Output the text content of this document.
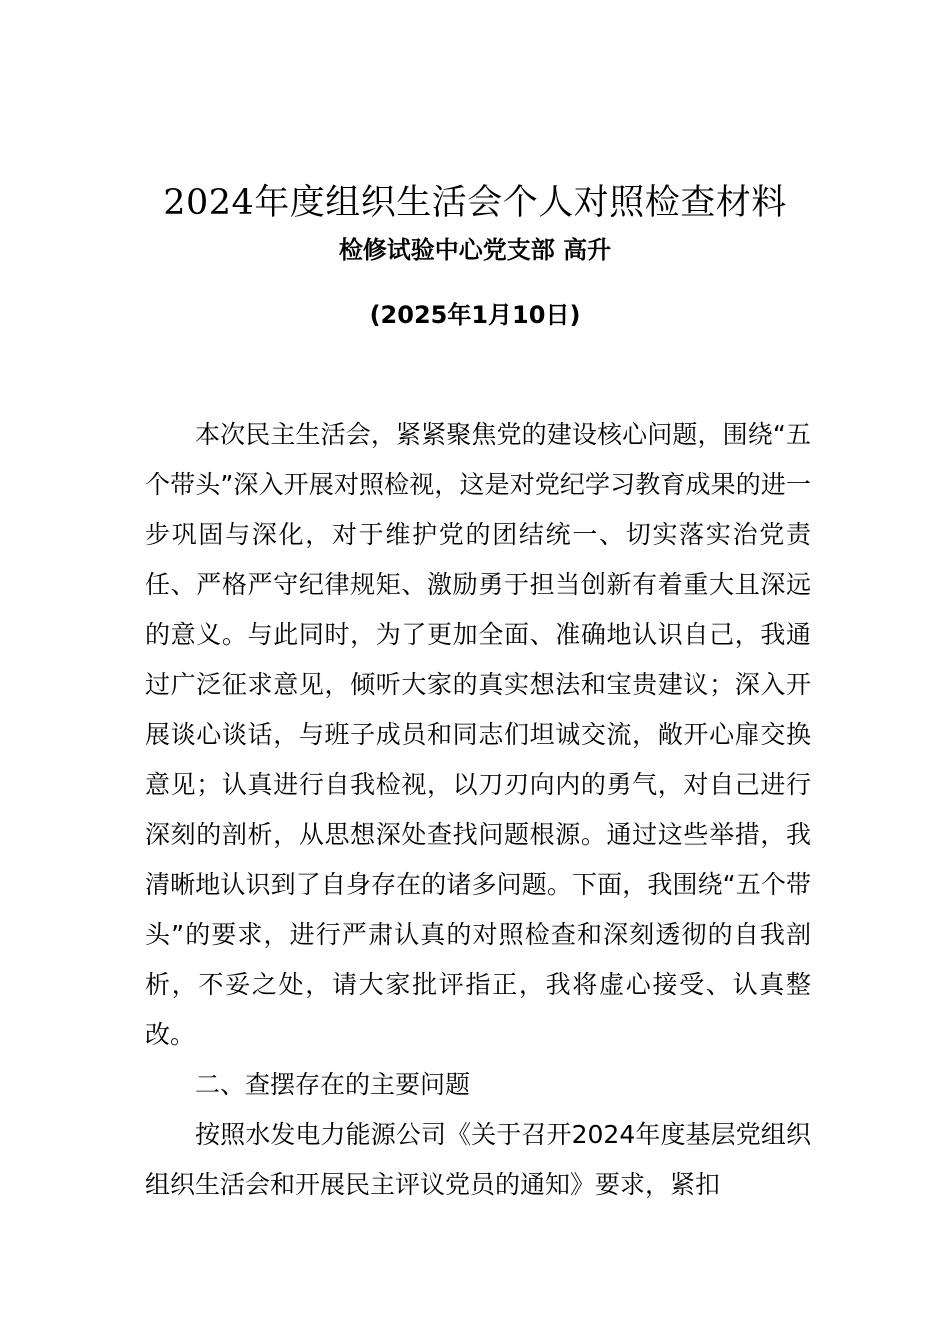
2024年度组织生活会个人对照检查材料
检修试验中心党支部 高升
(2025年1月10日)

本次民主生活会，紧紧聚焦党的建设核心问题，围绕“五个带头”深入开展对照检视，这是对党纪学习教育成果的进一步巩固与深化，对于维护党的团结统一、切实落实治党责任、严格严守纪律规矩、激励勇于担当创新有着重大且深远的意义。与此同时，为了更加全面、准确地认识自己，我通过广泛征求意见，倾听大家的真实想法和宝贵建议；深入开展谈心谈话，与班子成员和同志们坦诚交流，敞开心扉交换意见；认真进行自我检视，以刀刃向内的勇气，对自己进行深刻的剖析，从思想深处查找问题根源。通过这些举措，我清晰地认识到了自身存在的诸多问题。下面，我围绕“五个带头”的要求，进行严肃认真的对照检查和深刻透彻的自我剖析，不妥之处，请大家批评指正，我将虚心接受、认真整改。

二、查摆存在的主要问题

按照水发电力能源公司《关于召开2024年度基层党组织组织生活会和开展民主评议党员的通知》要求，紧扣
